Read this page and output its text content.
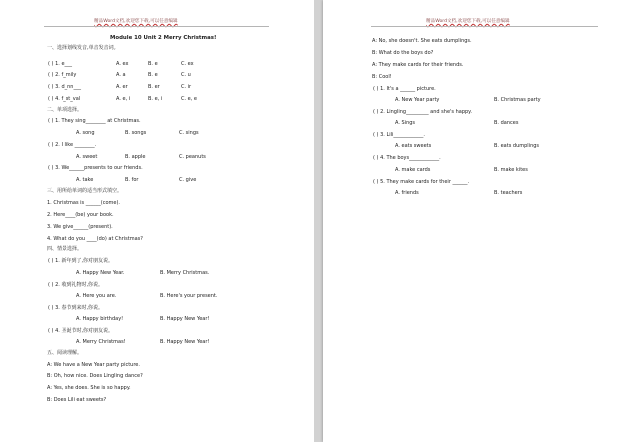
精品Word文档,欢迎您下载,可以任意编辑
Module 10 Unit 2 Merry Christmas!
一、选择划线发音,单音发音词。
( ) 1. e___	A. ex	B. e	C. ex
( ) 2. f_mily	A. a	B. e	C. u
( ) 3. d_nn___	A. er	B. er	C. ir
( ) 4. f_st_val	A. e, i	B. e, i	C. e, e
二、单项选择。
( ) 1. They sing________ at Christmas.
A. song	B. songs	C. sings
( ) 2. I like ________.
A. sweet	B. apple	C. peanuts
( ) 3. We______presents to our friends.
A. take	B. for	C. give
三、用所给单词的适当形式填空。
1. Christmas is ______(come).
2. Here____(be) your book.
3. We give______(present).
4. What do you ____(do) at Christmas?
四、情景选择。
( ) 1. 新年到了,你对朋友说。
A. Happy New Year.	B. Merry Christmas.
( ) 2. 收到礼物时,你说。
A. Here you are.	B. Here's your present.
( ) 3. 春节到来时,你说。
A. Happy birthday!	B. Happy New Year!
( ) 4. 圣诞节时,你对朋友说。
A. Merry Christmas!	B. Happy New Year!
五、阅读理解。
A: We have a New Year party picture.
B: Oh, how nice. Does Lingling dance?
A: Yes, she does. She is so happy.
B: Does Lili eat sweets?
精品Word文档,欢迎您下载,可以任意编辑
A: No, she doesn't. She eats dumplings.
B: What do the boys do?
A: They make cards for their friends.
B: Cool!
( ) 1. It's a ______ picture.
A. New Year party	B. Christmas party
( ) 2. Lingling_________ and she's happy.
A. Sings	B. dances
( ) 3. Lili____________.
A. eats sweets	B. eats dumplings
( ) 4. The boys____________.
A. make cards	B. make kites
( ) 5. They make cards for their ______.
A. friends	B. teachers
